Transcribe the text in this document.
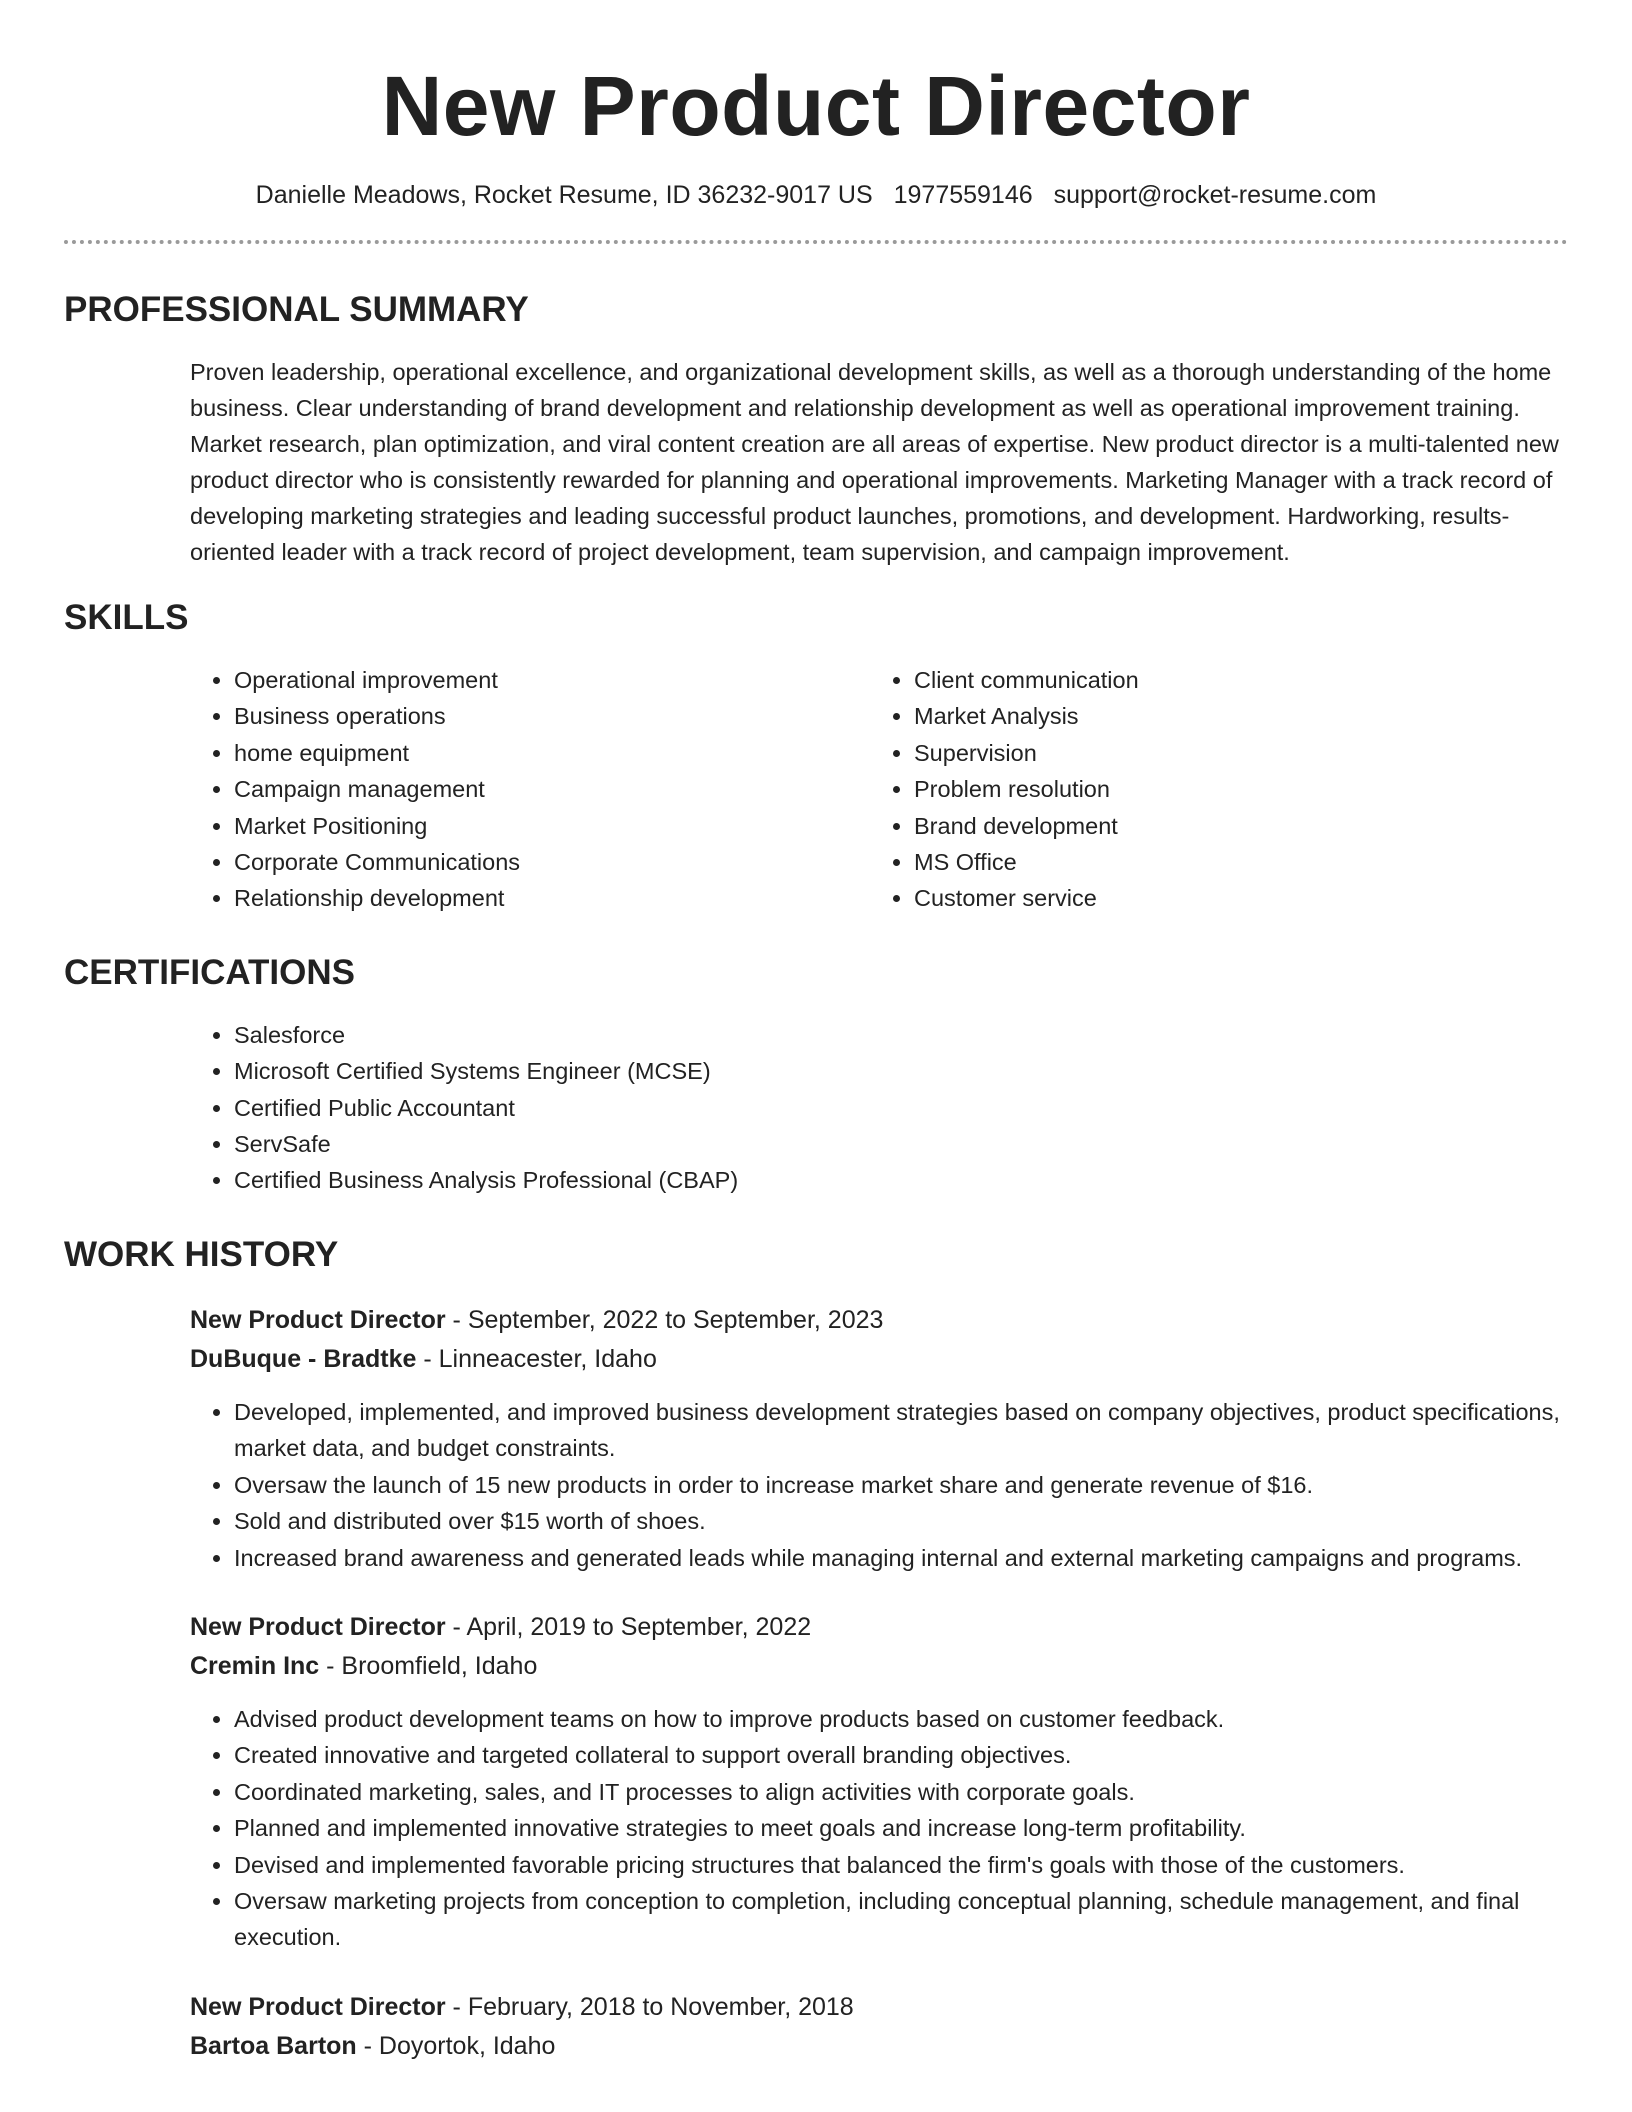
New Product Director
Danielle Meadows, Rocket Resume, ID 36232-9017 US 1977559146 support@rocket-resume.com
PROFESSIONAL SUMMARY

Proven leadership, operational excellence, and organizational development skills, as well as a thorough understanding of the home business. Clear understanding of brand development and relationship development as well as operational improvement training. Market research, plan optimization, and viral content creation are all areas of expertise. New product director is a multi-talented new product director who is consistently rewarded for planning and operational improvements. Marketing Manager with a track record of developing marketing strategies and leading successful product launches, promotions, and development. Hardworking, results-oriented leader with a track record of project development, team supervision, and campaign improvement.

SKILLS
• Operational improvement
• Business operations
• home equipment
• Campaign management
• Market Positioning
• Corporate Communications
• Relationship development
• Client communication
• Market Analysis
• Supervision
• Problem resolution
• Brand development
• MS Office
• Customer service
CERTIFICATIONS
• Salesforce
• Microsoft Certified Systems Engineer (MCSE)
• Certified Public Accountant
• ServSafe
• Certified Business Analysis Professional (CBAP)
WORK HISTORY
New Product Director - September, 2022 to September, 2023
DuBuque - Bradtke - Linneacester, Idaho
• Developed, implemented, and improved business development strategies based on company objectives, product specifications, market data, and budget constraints.
• Oversaw the launch of 15 new products in order to increase market share and generate revenue of $16.
• Sold and distributed over $15 worth of shoes.
• Increased brand awareness and generated leads while managing internal and external marketing campaigns and programs.
New Product Director - April, 2019 to September, 2022
Cremin Inc - Broomfield, Idaho
• Advised product development teams on how to improve products based on customer feedback.
• Created innovative and targeted collateral to support overall branding objectives.
• Coordinated marketing, sales, and IT processes to align activities with corporate goals.
• Planned and implemented innovative strategies to meet goals and increase long-term profitability.
• Devised and implemented favorable pricing structures that balanced the firm's goals with those of the customers.
• Oversaw marketing projects from conception to completion, including conceptual planning, schedule management, and final execution.
New Product Director - February, 2018 to November, 2018
Bartoa Barton - Doyortok, Idaho
